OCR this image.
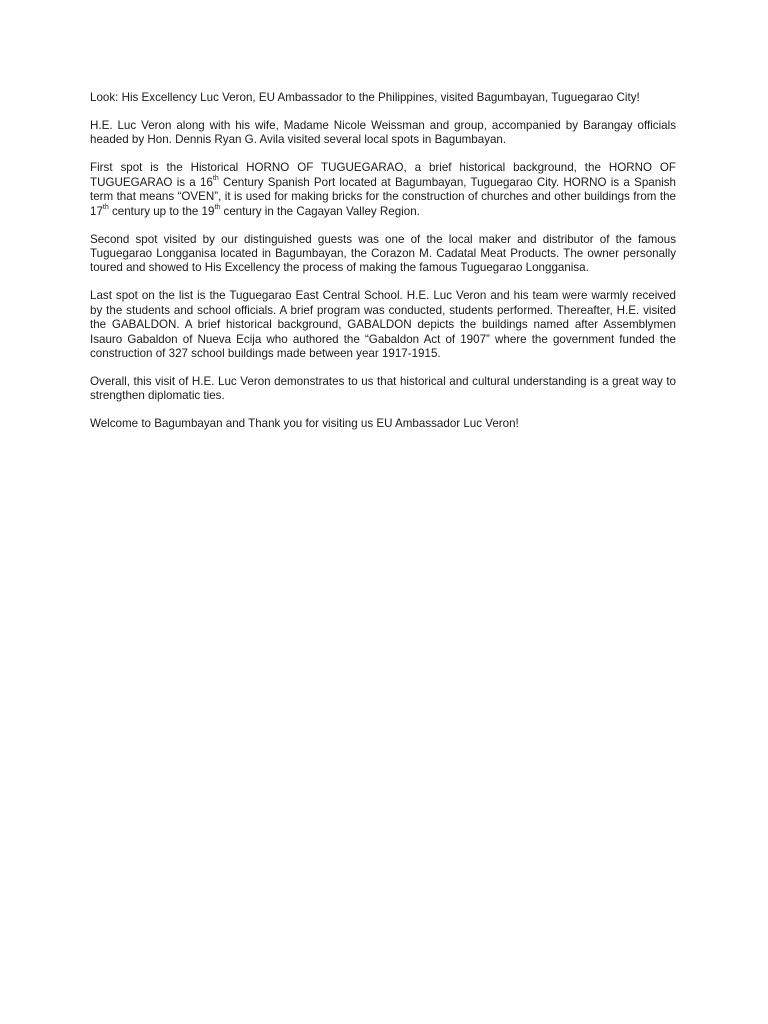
Look: His Excellency Luc Veron, EU Ambassador to the Philippines, visited Bagumbayan, Tuguegarao City!

H.E. Luc Veron along with his wife, Madame Nicole Weissman and group, accompanied by Barangay officials headed by Hon. Dennis Ryan G. Avila visited several local spots in Bagumbayan.

First spot is the Historical HORNO OF TUGUEGARAO, a brief historical background, the HORNO OF TUGUEGARAO is a 16th Century Spanish Port located at Bagumbayan, Tuguegarao City. HORNO is a Spanish term that means “OVEN”, it is used for making bricks for the construction of churches and other buildings from the 17th century up to the 19th century in the Cagayan Valley Region.

Second spot visited by our distinguished guests was one of the local maker and distributor of the famous Tuguegarao Longganisa located in Bagumbayan, the Corazon M. Cadatal Meat Products. The owner personally toured and showed to His Excellency the process of making the famous Tuguegarao Longganisa.

Last spot on the list is the Tuguegarao East Central School. H.E. Luc Veron and his team were warmly received by the students and school officials. A brief program was conducted, students performed. Thereafter, H.E. visited the GABALDON. A brief historical background, GABALDON depicts the buildings named after Assemblymen Isauro Gabaldon of Nueva Ecija who authored the “Gabaldon Act of 1907” where the government funded the construction of 327 school buildings made between year 1917-1915.

Overall, this visit of H.E. Luc Veron demonstrates to us that historical and cultural understanding is a great way to strengthen diplomatic ties.

Welcome to Bagumbayan and Thank you for visiting us EU Ambassador Luc Veron!
